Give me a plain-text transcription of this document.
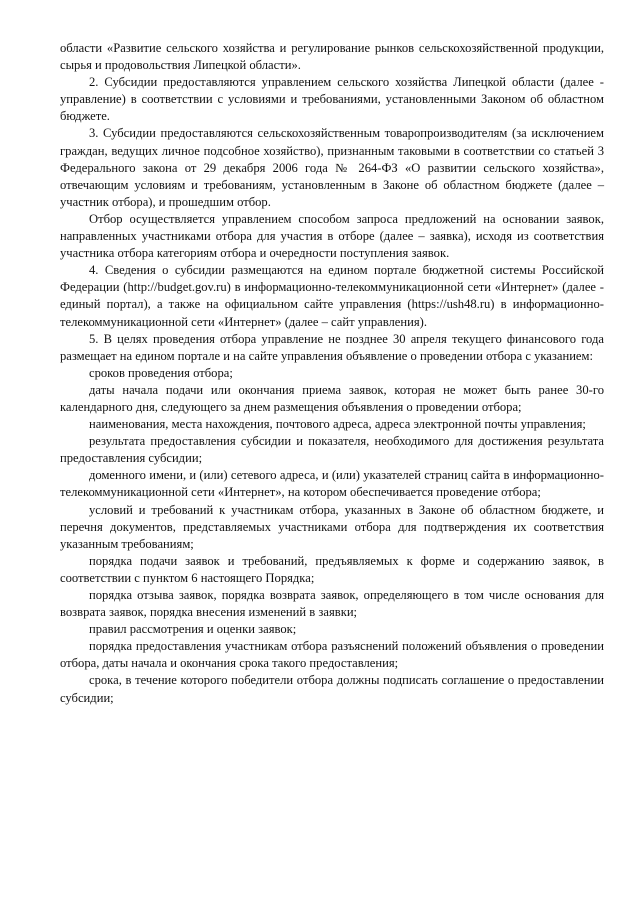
области «Развитие сельского хозяйства и регулирование рынков сельскохозяйственной продукции, сырья и продовольствия Липецкой области».

2. Субсидии предоставляются управлением сельского хозяйства Липецкой области (далее - управление) в соответствии с условиями и требованиями, установленными Законом об областном бюджете.

3. Субсидии предоставляются сельскохозяйственным товаропроизводителям (за исключением граждан, ведущих личное подсобное хозяйство), признанным таковыми в соответствии со статьей 3 Федерального закона от 29 декабря 2006 года № 264-ФЗ «О развитии сельского хозяйства», отвечающим условиям и требованиям, установленным в Законе об областном бюджете (далее – участник отбора), и прошедшим отбор.

Отбор осуществляется управлением способом запроса предложений на основании заявок, направленных участниками отбора для участия в отборе (далее – заявка), исходя из соответствия участника отбора категориям отбора и очередности поступления заявок.

4. Сведения о субсидии размещаются на едином портале бюджетной системы Российской Федерации (http://budget.gov.ru) в информационно-телекоммуникационной сети «Интернет» (далее - единый портал), а также на официальном сайте управления (https://ush48.ru) в информационно-телекоммуникационной сети «Интернет» (далее – сайт управления).

5. В целях проведения отбора управление не позднее 30 апреля текущего финансового года размещает на едином портале и на сайте управления объявление о проведении отбора с указанием:

сроков проведения отбора;

даты начала подачи или окончания приема заявок, которая не может быть ранее 30-го календарного дня, следующего за днем размещения объявления о проведении отбора;

наименования, места нахождения, почтового адреса, адреса электронной почты управления;

результата предоставления субсидии и показателя, необходимого для достижения результата предоставления субсидии;

доменного имени, и (или) сетевого адреса, и (или) указателей страниц сайта в информационно-телекоммуникационной сети «Интернет», на котором обеспечивается проведение отбора;

условий и требований к участникам отбора, указанных в Законе об областном бюджете, и перечня документов, представляемых участниками отбора для подтверждения их соответствия указанным требованиям;

порядка подачи заявок и требований, предъявляемых к форме и содержанию заявок, в соответствии с пунктом 6 настоящего Порядка;

порядка отзыва заявок, порядка возврата заявок, определяющего в том числе основания для возврата заявок, порядка внесения изменений в заявки;

правил рассмотрения и оценки заявок;

порядка предоставления участникам отбора разъяснений положений объявления о проведении отбора, даты начала и окончания срока такого предоставления;

срока, в течение которого победители отбора должны подписать соглашение о предоставлении субсидии;
